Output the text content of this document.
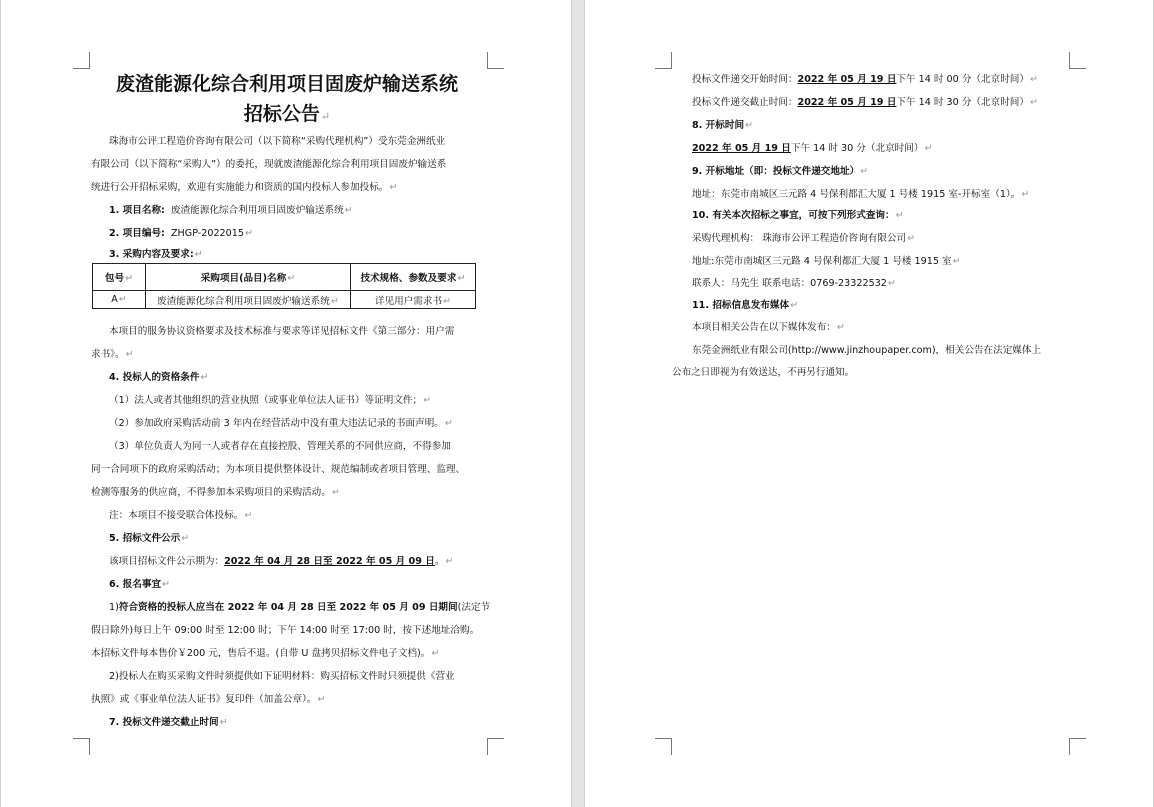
废渣能源化综合利用项目固废炉输送系统
招标公告↵
珠海市公评工程造价咨询有限公司（以下简称“采购代理机构”）受东莞金洲纸业
有限公司（以下简称“采购人”）的委托，现就废渣能源化综合利用项目固废炉输送系
统进行公开招标采购，欢迎有实施能力和资质的国内投标人参加投标。↵
1. 项目名称: 废渣能源化综合利用项目固废炉输送系统↵
2. 项目编号: ZHGP-2022015↵
3. 采购内容及要求:↵
包号↵	采购项目(品目)名称↵	技术规格、参数及要求↵
A↵	废渣能源化综合利用项目固废炉输送系统↵	详见用户需求书↵
本项目的服务协议资格要求及技术标准与要求等详见招标文件《第三部分：用户需
求书》。↵
4. 投标人的资格条件↵
（1）法人或者其他组织的营业执照（或事业单位法人证书）等证明文件；↵
（2）参加政府采购活动前 3 年内在经营活动中没有重大违法记录的书面声明。↵
（3）单位负责人为同一人或者存在直接控股、管理关系的不同供应商，不得参加
同一合同项下的政府采购活动；为本项目提供整体设计、规范编制或者项目管理、监理、
检测等服务的供应商，不得参加本采购项目的采购活动。↵
注：本项目不接受联合体投标。↵
5. 招标文件公示↵
该项目招标文件公示期为：2022 年 04 月 28 日至 2022 年 05 月 09 日。↵
6. 报名事宜↵
1)符合资格的投标人应当在 2022 年 04 月 28 日至 2022 年 05 月 09 日期间(法定节
假日除外)每日上午 09:00 时至 12:00 时；下午 14:00 时至 17:00 时，按下述地址洽购。
本招标文件每本售价￥200 元，售后不退。(自带 U 盘拷贝招标文件电子文档)。↵
2)投标人在购买采购文件时须提供如下证明材料：购买招标文件时只须提供《营业
执照》或《事业单位法人证书》复印件（加盖公章）。↵
7. 投标文件递交截止时间↵
投标文件递交开始时间：2022 年 05 月 19 日下午 14 时 00 分（北京时间）↵
投标文件递交截止时间：2022 年 05 月 19 日下午 14 时 30 分（北京时间）↵
8. 开标时间↵
2022 年 05 月 19 日下午 14 时 30 分（北京时间）↵
9. 开标地址（即：投标文件递交地址）↵
地址：东莞市南城区三元路 4 号保利都汇大厦 1 号楼 1915 室-开标室（1）。↵
10. 有关本次招标之事宜，可按下列形式查询：↵
采购代理机构： 珠海市公评工程造价咨询有限公司↵
地址:东莞市南城区三元路 4 号保利都汇大厦 1 号楼 1915 室↵
联系人：马先生 联系电话：0769-23322532↵
11. 招标信息发布媒体↵
本项目相关公告在以下媒体发布：↵
东莞金洲纸业有限公司(http://www.jinzhoupaper.com)，相关公告在法定媒体上
公布之日即视为有效送达，不再另行通知。
